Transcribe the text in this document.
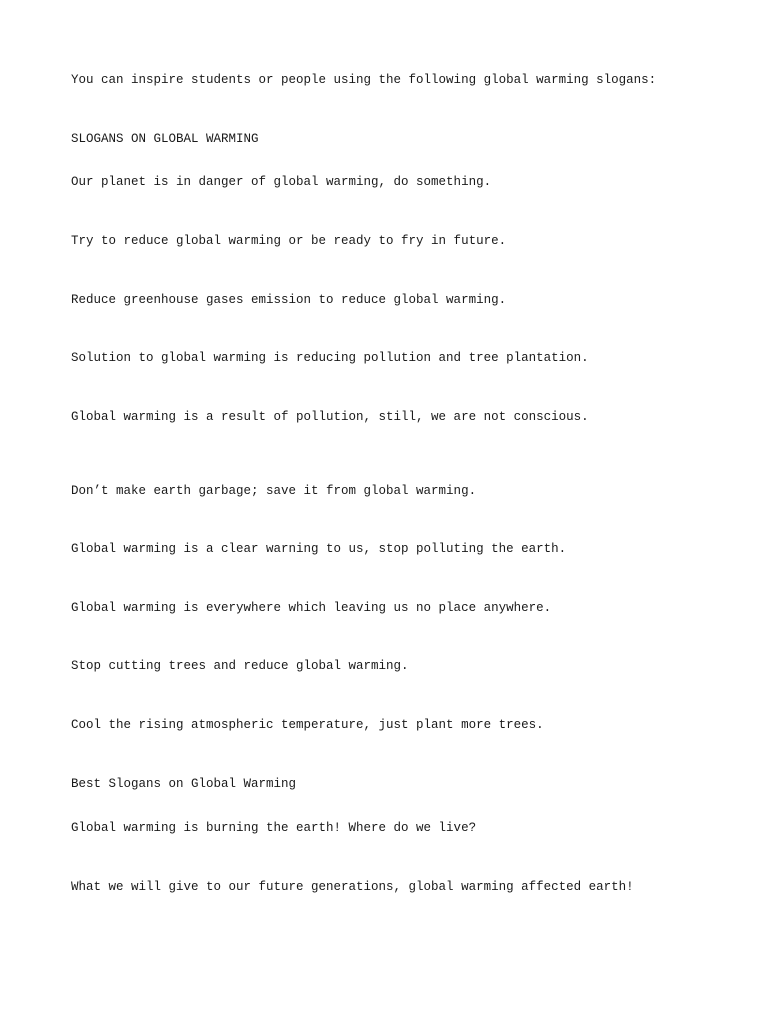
You can inspire students or people using the following global warming slogans:

SLOGANS ON GLOBAL WARMING

Our planet is in danger of global warming, do something.

Try to reduce global warming or be ready to fry in future.

Reduce greenhouse gases emission to reduce global warming.

Solution to global warming is reducing pollution and tree plantation.

Global warming is a result of pollution, still, we are not conscious.

Don’t make earth garbage; save it from global warming.

Global warming is a clear warning to us, stop polluting the earth.

Global warming is everywhere which leaving us no place anywhere.

Stop cutting trees and reduce global warming.

Cool the rising atmospheric temperature, just plant more trees.

Best Slogans on Global Warming

Global warming is burning the earth! Where do we live?

What we will give to our future generations, global warming affected earth!
